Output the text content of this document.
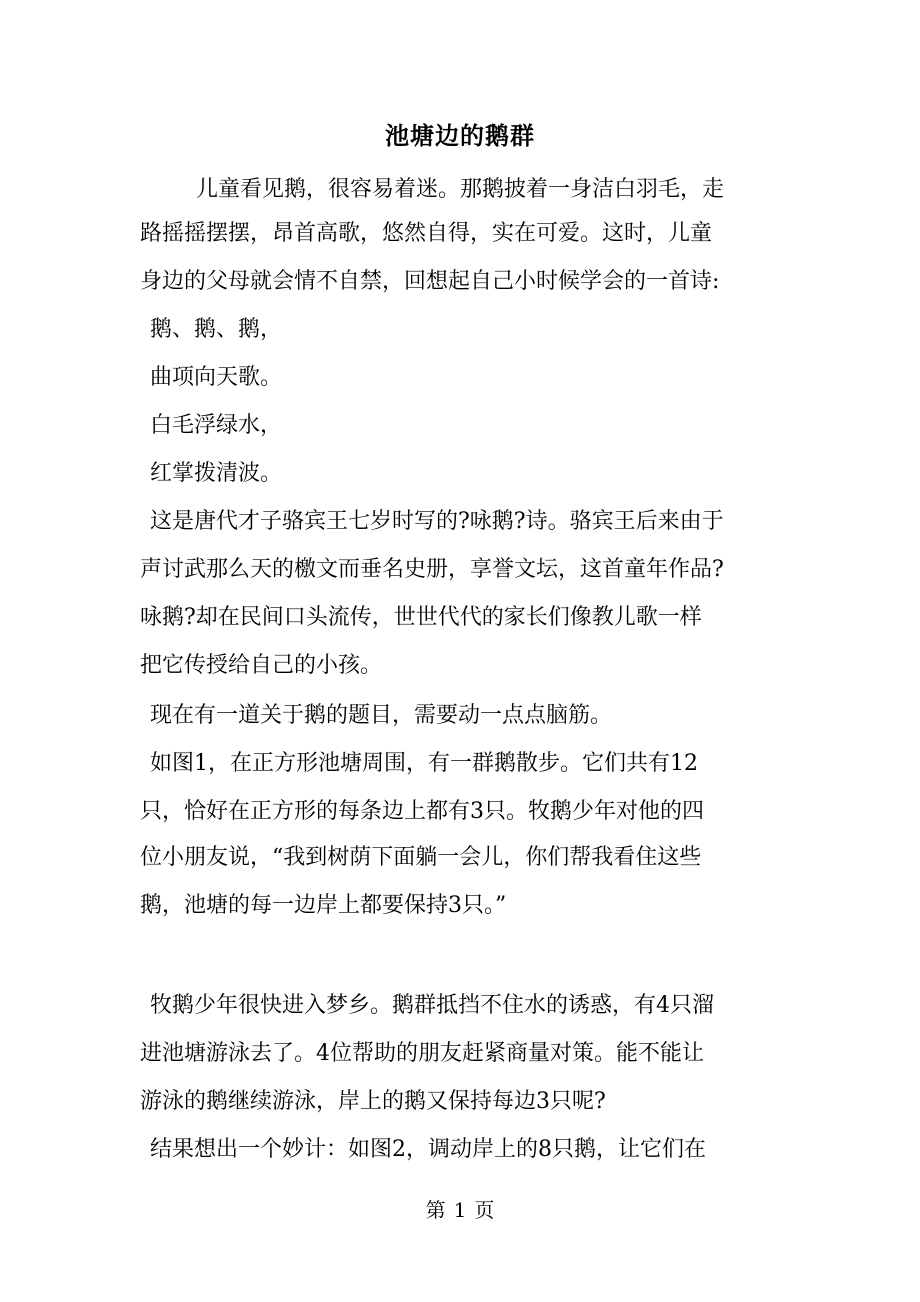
池塘边的鹅群
儿童看见鹅，很容易着迷。那鹅披着一身洁白羽毛，走
路摇摇摆摆，昂首高歌，悠然自得，实在可爱。这时，儿童
身边的父母就会情不自禁，回想起自己小时候学会的一首诗:
鹅、鹅、鹅，
曲项向天歌。
白毛浮绿水，
红掌拨清波。
这是唐代才子骆宾王七岁时写的?咏鹅?诗。骆宾王后来由于
声讨武那么天的檄文而垂名史册，享誉文坛，这首童年作品?
咏鹅?却在民间口头流传，世世代代的家长们像教儿歌一样
把它传授给自己的小孩。
现在有一道关于鹅的题目，需要动一点点脑筋。
如图1，在正方形池塘周围，有一群鹅散步。它们共有12
只，恰好在正方形的每条边上都有3只。牧鹅少年对他的四
位小朋友说，“我到树荫下面躺一会儿，你们帮我看住这些
鹅，池塘的每一边岸上都要保持3只。”
牧鹅少年很快进入梦乡。鹅群抵挡不住水的诱惑，有4只溜
进池塘游泳去了。4位帮助的朋友赶紧商量对策。能不能让
游泳的鹅继续游泳，岸上的鹅又保持每边3只呢?
结果想出一个妙计：如图2，调动岸上的8只鹅，让它们在
第 1 页
